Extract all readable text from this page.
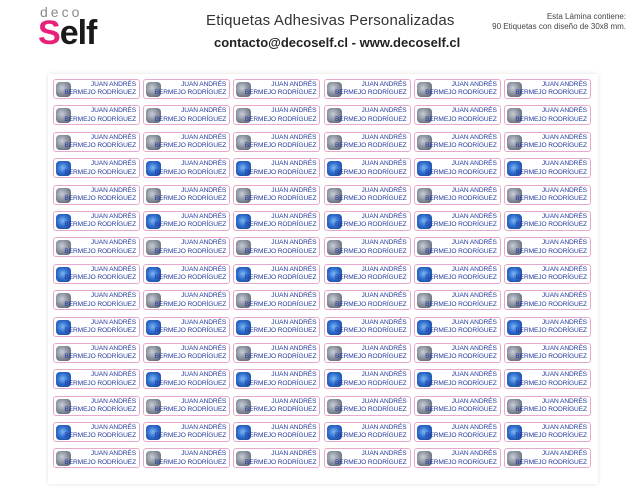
deco
Self	Etiquetas Adhesivas Personalizadas
contacto@decoself.cl - www.decoself.cl
Esta Lámina contiene:
90 Etiquetas con diseño de 30x8 mm.
JUAN ANDRÉS
BERMEJO RODRÍGUEZ
JUAN ANDRÉS
BERMEJO RODRÍGUEZ
JUAN ANDRÉS
BERMEJO RODRÍGUEZ
JUAN ANDRÉS
BERMEJO RODRÍGUEZ
JUAN ANDRÉS
BERMEJO RODRÍGUEZ
JUAN ANDRÉS
BERMEJO RODRÍGUEZ
JUAN ANDRÉS
BERMEJO RODRÍGUEZ
JUAN ANDRÉS
BERMEJO RODRÍGUEZ
JUAN ANDRÉS
BERMEJO RODRÍGUEZ
JUAN ANDRÉS
BERMEJO RODRÍGUEZ
JUAN ANDRÉS
BERMEJO RODRÍGUEZ
JUAN ANDRÉS
BERMEJO RODRÍGUEZ
JUAN ANDRÉS
BERMEJO RODRÍGUEZ
JUAN ANDRÉS
BERMEJO RODRÍGUEZ
JUAN ANDRÉS
BERMEJO RODRÍGUEZ
JUAN ANDRÉS
BERMEJO RODRÍGUEZ
JUAN ANDRÉS
BERMEJO RODRÍGUEZ
JUAN ANDRÉS
BERMEJO RODRÍGUEZ
JUAN ANDRÉS
BERMEJO RODRÍGUEZ
JUAN ANDRÉS
BERMEJO RODRÍGUEZ
JUAN ANDRÉS
BERMEJO RODRÍGUEZ
JUAN ANDRÉS
BERMEJO RODRÍGUEZ
JUAN ANDRÉS
BERMEJO RODRÍGUEZ
JUAN ANDRÉS
BERMEJO RODRÍGUEZ
JUAN ANDRÉS
BERMEJO RODRÍGUEZ
JUAN ANDRÉS
BERMEJO RODRÍGUEZ
JUAN ANDRÉS
BERMEJO RODRÍGUEZ
JUAN ANDRÉS
BERMEJO RODRÍGUEZ
JUAN ANDRÉS
BERMEJO RODRÍGUEZ
JUAN ANDRÉS
BERMEJO RODRÍGUEZ
JUAN ANDRÉS
BERMEJO RODRÍGUEZ
JUAN ANDRÉS
BERMEJO RODRÍGUEZ
JUAN ANDRÉS
BERMEJO RODRÍGUEZ
JUAN ANDRÉS
BERMEJO RODRÍGUEZ
JUAN ANDRÉS
BERMEJO RODRÍGUEZ
JUAN ANDRÉS
BERMEJO RODRÍGUEZ
JUAN ANDRÉS
BERMEJO RODRÍGUEZ
JUAN ANDRÉS
BERMEJO RODRÍGUEZ
JUAN ANDRÉS
BERMEJO RODRÍGUEZ
JUAN ANDRÉS
BERMEJO RODRÍGUEZ
JUAN ANDRÉS
BERMEJO RODRÍGUEZ
JUAN ANDRÉS
BERMEJO RODRÍGUEZ
JUAN ANDRÉS
BERMEJO RODRÍGUEZ
JUAN ANDRÉS
BERMEJO RODRÍGUEZ
JUAN ANDRÉS
BERMEJO RODRÍGUEZ
JUAN ANDRÉS
BERMEJO RODRÍGUEZ
JUAN ANDRÉS
BERMEJO RODRÍGUEZ
JUAN ANDRÉS
BERMEJO RODRÍGUEZ
JUAN ANDRÉS
BERMEJO RODRÍGUEZ
JUAN ANDRÉS
BERMEJO RODRÍGUEZ
JUAN ANDRÉS
BERMEJO RODRÍGUEZ
JUAN ANDRÉS
BERMEJO RODRÍGUEZ
JUAN ANDRÉS
BERMEJO RODRÍGUEZ
JUAN ANDRÉS
BERMEJO RODRÍGUEZ
JUAN ANDRÉS
BERMEJO RODRÍGUEZ
JUAN ANDRÉS
BERMEJO RODRÍGUEZ
JUAN ANDRÉS
BERMEJO RODRÍGUEZ
JUAN ANDRÉS
BERMEJO RODRÍGUEZ
JUAN ANDRÉS
BERMEJO RODRÍGUEZ
JUAN ANDRÉS
BERMEJO RODRÍGUEZ
JUAN ANDRÉS
BERMEJO RODRÍGUEZ
JUAN ANDRÉS
BERMEJO RODRÍGUEZ
JUAN ANDRÉS
BERMEJO RODRÍGUEZ
JUAN ANDRÉS
BERMEJO RODRÍGUEZ
JUAN ANDRÉS
BERMEJO RODRÍGUEZ
JUAN ANDRÉS
BERMEJO RODRÍGUEZ
JUAN ANDRÉS
BERMEJO RODRÍGUEZ
JUAN ANDRÉS
BERMEJO RODRÍGUEZ
JUAN ANDRÉS
BERMEJO RODRÍGUEZ
JUAN ANDRÉS
BERMEJO RODRÍGUEZ
JUAN ANDRÉS
BERMEJO RODRÍGUEZ
JUAN ANDRÉS
BERMEJO RODRÍGUEZ
JUAN ANDRÉS
BERMEJO RODRÍGUEZ
JUAN ANDRÉS
BERMEJO RODRÍGUEZ
JUAN ANDRÉS
BERMEJO RODRÍGUEZ
JUAN ANDRÉS
BERMEJO RODRÍGUEZ
JUAN ANDRÉS
BERMEJO RODRÍGUEZ
JUAN ANDRÉS
BERMEJO RODRÍGUEZ
JUAN ANDRÉS
BERMEJO RODRÍGUEZ
JUAN ANDRÉS
BERMEJO RODRÍGUEZ
JUAN ANDRÉS
BERMEJO RODRÍGUEZ
JUAN ANDRÉS
BERMEJO RODRÍGUEZ
JUAN ANDRÉS
BERMEJO RODRÍGUEZ
JUAN ANDRÉS
BERMEJO RODRÍGUEZ
JUAN ANDRÉS
BERMEJO RODRÍGUEZ
JUAN ANDRÉS
BERMEJO RODRÍGUEZ
JUAN ANDRÉS
BERMEJO RODRÍGUEZ
JUAN ANDRÉS
BERMEJO RODRÍGUEZ
JUAN ANDRÉS
BERMEJO RODRÍGUEZ
JUAN ANDRÉS
BERMEJO RODRÍGUEZ
